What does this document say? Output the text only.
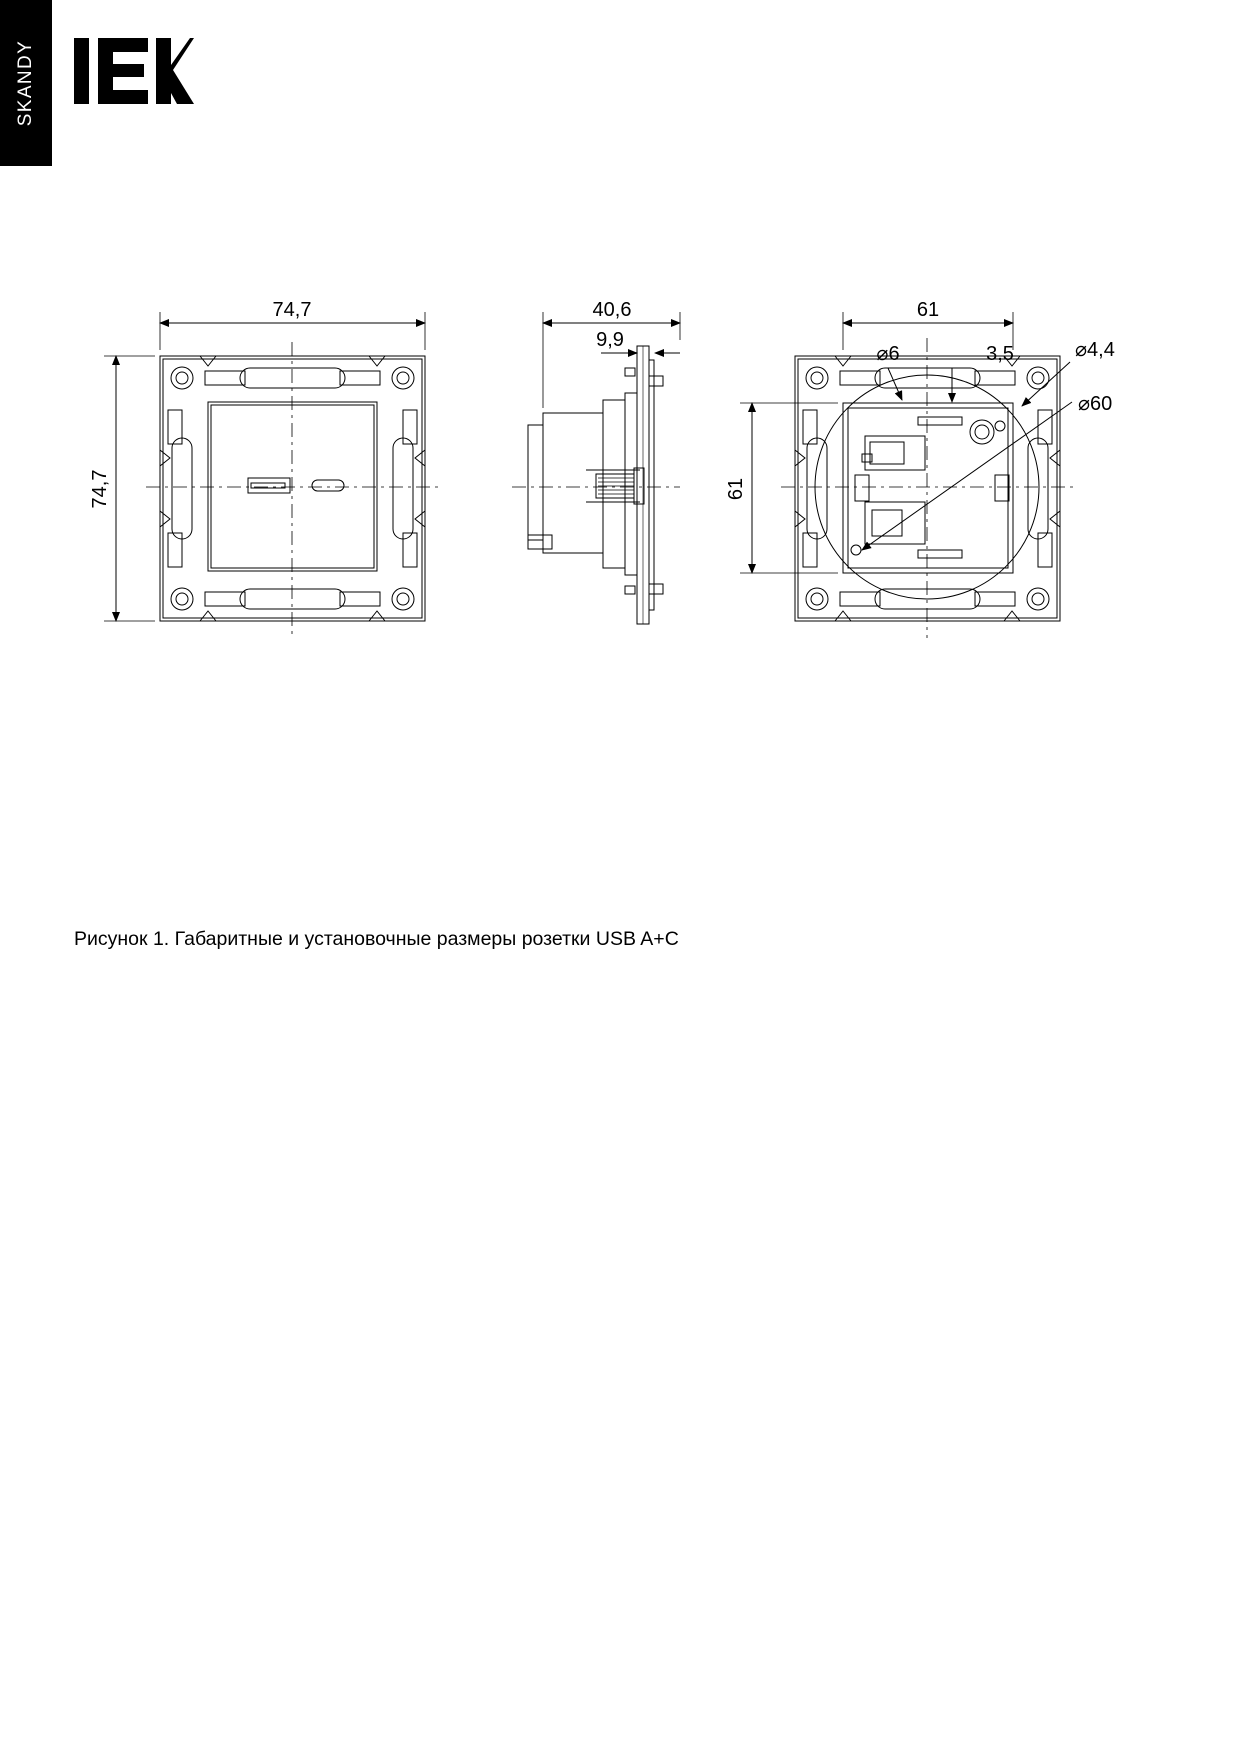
SKANDY
74,7
74,7
40,6
9,9
61
61
⌀6	3,5	⌀4,4
⌀60
Рисунок 1. Габаритные и установочные размеры розетки USB A+C
